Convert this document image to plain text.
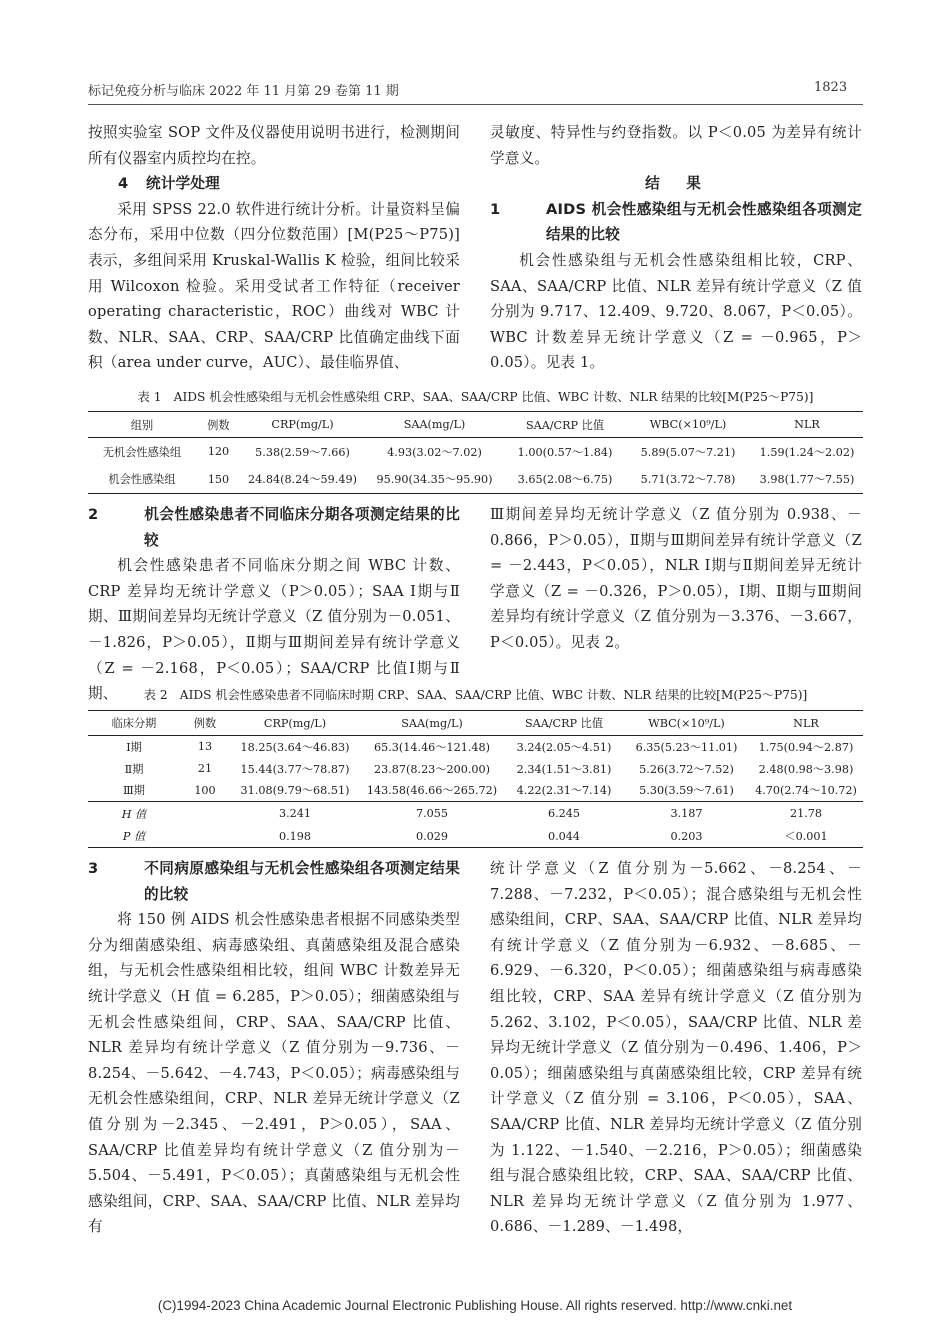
标记免疫分析与临床 2022 年 11 月第 29 卷第 11 期	1823

按照实验室 SOP 文件及仪器使用说明书进行，检测期间所有仪器室内质控均在控。

4 统计学处理

采用 SPSS 22.0 软件进行统计分析。计量资料呈偏态分布，采用中位数（四分位数范围）[M(P25～P75)]表示，多组间采用 Kruskal-Wallis K 检验，组间比较采用 Wilcoxon 检验。采用受试者工作特征（receiver operating characteristic，ROC）曲线对 WBC 计数、NLR、SAA、CRP、SAA/CRP 比值确定曲线下面积（area under curve，AUC）、最佳临界值、

灵敏度、特异性与约登指数。以 P＜0.05 为差异有统计学意义。

结　果

1	AIDS 机会性感染组与无机会性感染组各项测定结果的比较

机会性感染组与无机会性感染组相比较，CRP、SAA、SAA/CRP 比值、NLR 差异有统计学意义（Z 值分别为 9.717、12.409、9.720、8.067，P＜0.05）。WBC 计数差异无统计学意义（Z = －0.965，P＞0.05）。见表 1。

表 1　AIDS 机会性感染组与无机会性感染组 CRP、SAA、SAA/CRP 比值、WBC 计数、NLR 结果的比较[M(P25～P75)]
组别	例数	CRP(mg/L)	SAA(mg/L)	SAA/CRP 比值	WBC(×10⁹/L)	NLR
无机会性感染组	120	5.38(2.59～7.66)	4.93(3.02～7.02)	1.00(0.57～1.84)	5.89(5.07～7.21)	1.59(1.24～2.02)
机会性感染组	150	24.84(8.24～59.49)	95.90(34.35～95.90)	3.65(2.08～6.75)	5.71(3.72～7.78)	3.98(1.77～7.55)

2	机会性感染患者不同临床分期各项测定结果的比较

机会性感染患者不同临床分期之间 WBC 计数、CRP 差异均无统计学意义（P＞0.05）；SAA Ⅰ期与Ⅱ期、Ⅲ期间差异均无统计学意义（Z 值分别为－0.051、－1.826，P＞0.05），Ⅱ期与Ⅲ期间差异有统计学意义（Z = －2.168，P＜0.05）；SAA/CRP 比值Ⅰ期与Ⅱ期、

Ⅲ期间差异均无统计学意义（Z 值分别为 0.938、－0.866，P＞0.05），Ⅱ期与Ⅲ期间差异有统计学意义（Z = －2.443，P＜0.05），NLR Ⅰ期与Ⅱ期间差异无统计学意义（Z = －0.326，P＞0.05），Ⅰ期、Ⅱ期与Ⅲ期间差异均有统计学意义（Z 值分别为－3.376、－3.667，P＜0.05）。见表 2。

表 2　AIDS 机会性感染患者不同临床时期 CRP、SAA、SAA/CRP 比值、WBC 计数、NLR 结果的比较[M(P25～P75)]
临床分期	例数	CRP(mg/L)	SAA(mg/L)	SAA/CRP 比值	WBC(×10⁹/L)	NLR
Ⅰ期	13	18.25(3.64～46.83)	65.3(14.46～121.48)	3.24(2.05～4.51)	6.35(5.23～11.01)	1.75(0.94～2.87)
Ⅱ期	21	15.44(3.77～78.87)	23.87(8.23～200.00)	2.34(1.51～3.81)	5.26(3.72～7.52)	2.48(0.98～3.98)
Ⅲ期	100	31.08(9.79～68.51)	143.58(46.66～265.72)	4.22(2.31～7.14)	5.30(3.59～7.61)	4.70(2.74～10.72)
H 值		3.241	7.055	6.245	3.187	21.78
P 值		0.198	0.029	0.044	0.203	＜0.001

3	不同病原感染组与无机会性感染组各项测定结果的比较

将 150 例 AIDS 机会性感染患者根据不同感染类型分为细菌感染组、病毒感染组、真菌感染组及混合感染组，与无机会性感染组相比较，组间 WBC 计数差异无统计学意义（H 值 = 6.285，P＞0.05）；细菌感染组与无机会性感染组间，CRP、SAA、SAA/CRP 比值、NLR 差异均有统计学意义（Z 值分别为－9.736、－8.254、－5.642、－4.743，P＜0.05）；病毒感染组与无机会性感染组间，CRP、NLR 差异无统计学意义（Z 值分别为－2.345、－2.491，P＞0.05），SAA、SAA/CRP 比值差异均有统计学意义（Z 值分别为－5.504、－5.491，P＜0.05）；真菌感染组与无机会性感染组间，CRP、SAA、SAA/CRP 比值、NLR 差异均有

统计学意义（Z 值分别为－5.662、－8.254、－7.288、－7.232，P＜0.05）；混合感染组与无机会性感染组间，CRP、SAA、SAA/CRP 比值、NLR 差异均有统计学意义（Z 值分别为－6.932、－8.685、－6.929、－6.320，P＜0.05）；细菌感染组与病毒感染组比较，CRP、SAA 差异有统计学意义（Z 值分别为 5.262、3.102，P＜0.05），SAA/CRP 比值、NLR 差异均无统计学意义（Z 值分别为－0.496、1.406，P＞0.05）；细菌感染组与真菌感染组比较，CRP 差异有统计学意义（Z 值分别 = 3.106，P＜0.05），SAA、SAA/CRP 比值、NLR 差异均无统计学意义（Z 值分别为 1.122、－1.540、－2.216，P＞0.05）；细菌感染组与混合感染组比较，CRP、SAA、SAA/CRP 比值、NLR 差异均无统计学意义（Z 值分别为 1.977、0.686、－1.289、－1.498，

(C)1994-2023 China Academic Journal Electronic Publishing House. All rights reserved. http://www.cnki.net
